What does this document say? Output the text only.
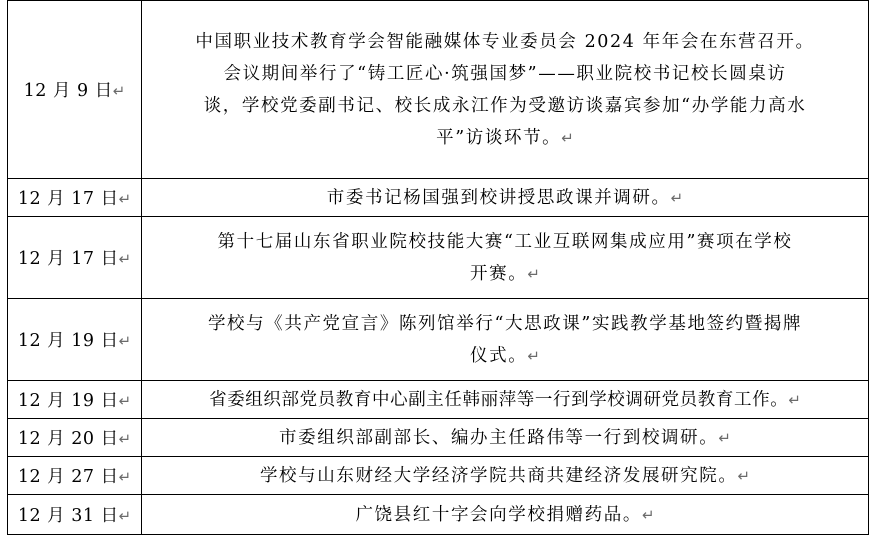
12 月 9 日↵	中国职业技术教育学会智能融媒体专业委员会 2024 年年会在东营召开。
会议期间举行了“铸工匠心·筑强国梦”——职业院校书记校长圆桌访
谈，学校党委副书记、校长成永江作为受邀访谈嘉宾参加“办学能力高水
平”访谈环节。↵
12 月 17 日↵	市委书记杨国强到校讲授思政课并调研。↵
12 月 17 日↵	第十七届山东省职业院校技能大赛“工业互联网集成应用”赛项在学校
开赛。↵
12 月 19 日↵	学校与《共产党宣言》陈列馆举行“大思政课”实践教学基地签约暨揭牌
仪式。↵
12 月 19 日↵	省委组织部党员教育中心副主任韩丽萍等一行到学校调研党员教育工作。↵
12 月 20 日↵	市委组织部副部长、编办主任路伟等一行到校调研。↵
12 月 27 日↵	学校与山东财经大学经济学院共商共建经济发展研究院。↵
12 月 31 日↵	广饶县红十字会向学校捐赠药品。↵
